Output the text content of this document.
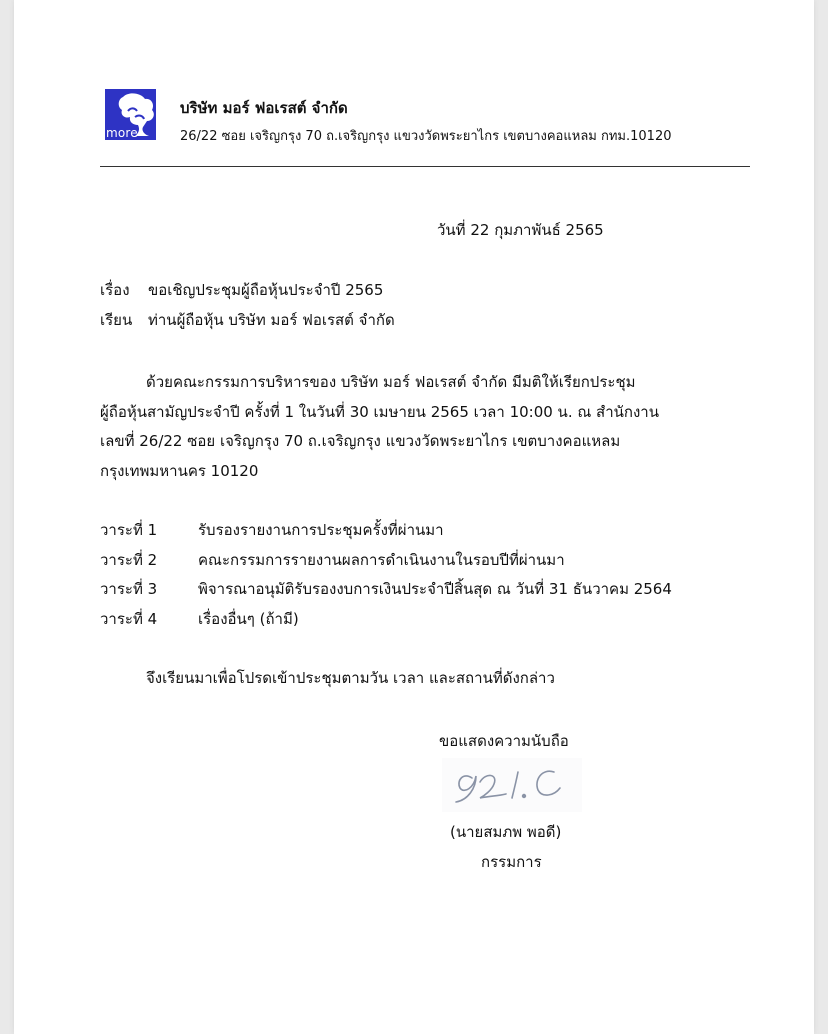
more
บริษัท มอร์ ฟอเรสต์ จำกัด
26/22 ซอย เจริญกรุง 70 ถ.เจริญกรุง แขวงวัดพระยาไกร เขตบางคอแหลม กทม.10120
วันที่ 22 กุมภาพันธ์ 2565
เรื่อง ขอเชิญประชุมผู้ถือหุ้นประจำปี 2565
เรียน ท่านผู้ถือหุ้น บริษัท มอร์ ฟอเรสต์ จำกัด
ด้วยคณะกรรมการบริหารของ บริษัท มอร์ ฟอเรสต์ จำกัด มีมติให้เรียกประชุม
ผู้ถือหุ้นสามัญประจำปี ครั้งที่ 1 ในวันที่ 30 เมษายน 2565 เวลา 10:00 น. ณ สำนักงาน
เลขที่ 26/22 ซอย เจริญกรุง 70 ถ.เจริญกรุง แขวงวัดพระยาไกร เขตบางคอแหลม
กรุงเทพมหานคร 10120
วาระที่ 1	รับรองรายงานการประชุมครั้งที่ผ่านมา
วาระที่ 2	คณะกรรมการรายงานผลการดำเนินงานในรอบปีที่ผ่านมา
วาระที่ 3	พิจารณาอนุมัติรับรองงบการเงินประจำปีสิ้นสุด ณ วันที่ 31 ธันวาคม 2564
วาระที่ 4	เรื่องอื่นๆ (ถ้ามี)
จึงเรียนมาเพื่อโปรดเข้าประชุมตามวัน เวลา และสถานที่ดังกล่าว
ขอแสดงความนับถือ
(นายสมภพ พอดี)
กรรมการ
